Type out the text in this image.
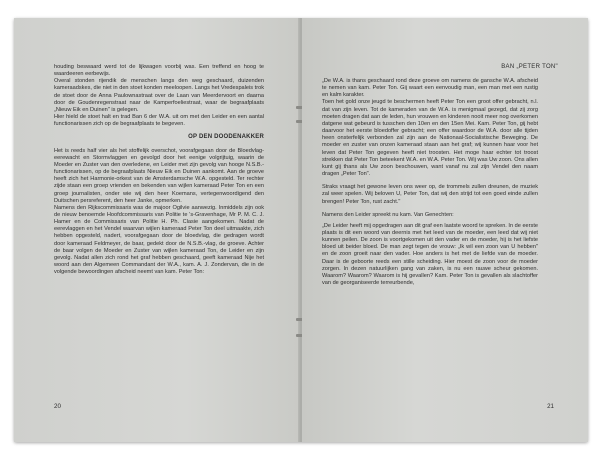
houding beswaard werd tot de lijkwagen voorbij was. Een treffend en hoog te waardeeren eerbewijs.

Overal stonden rijendik de menschen langs den weg geschaard, duizenden kameraadskes, die niet in den stoet konden meeloopen. Langs het Vredespaleis trok de stoet door de Anna Paulownastraat over de Laan van Meerdervoort en daarna door de Goudenregenstraat naar de Kamperfoeliestraat, waar de begraafplaats „Nieuw Eik en Duinen" is gelegen.

Hier hield de stoet halt en trad Ban 6 der W.A. uit om met den Leider en een aantal functionarissen zich op de begraafplaats te begeven.

OP DEN DOODENAKKER

Het is reeds half vier als het stoffelijk overschot, voorafgegaan door de Bloedvlag-eerewacht en Stormvlaggen en gevolgd door het eenige volgrijtuig, waarin de Moeder en Zuster van den overledene, en Leider met zijn gevolg van hooge N.S.B.-functionarissen, op de begraafplaats Nieuw Eik en Duinen aankomt. Aan de groeve heeft zich het Harmonie-orkest van de Amsterdamsche W.A. opgesteld. Ter rechter zijde staan een groep vrienden en bekenden van wijlen kameraad Peter Ton en een groep journalisten, onder wie wij den heer Koemans, vertegenwoordigend den Duitschen persreferent, den heer Janke, opmerken.

Namens den Rijkscommissaris was de majoor Ogilvie aanwezig. Inmiddels zijn ook de nieuw benoemde Hoofdcommissaris van Politie te 's-Gravenhage, Mr P. M. C. J. Hamer en de Commissaris van Politie H. Ph. Clasie aangekomen. Nadat de eerevlaggen en het Vendel waarvan wijlen kameraad Peter Ton deel uitmaakte, zich hebben opgesteld, nadert, voorafgegaan door de bloedvlag, die gedragen wordt door kameraad Feldmeyer, de baar, gedekt door de N.S.B.-vlag, de groeve. Achter de baar volgen de Moeder en Zuster van wijlen kameraad Ton, de Leider en zijn gevolg. Nadat allen zich rond het graf hebben geschaard, geeft kameraad Nije het woord aan den Algemeen Commandant der W.A., kam. A. J. Zondervan, die in de volgende bewoordingen afscheid neemt van kam. Peter Ton:

20
BAN „PETER TON"

„De W.A. is thans geschaard rond deze groeve om namens de gansche W.A. afscheid te nemen van kam. Peter Ton. Gij waart een eenvoudig man, een man met een rustig en kalm karakter.

Toen het gold onze jeugd te beschermen heeft Peter Ton een groot offer gebracht, n.l. dat van zijn leven. Tot de kameraden van de W.A. is menigmaal gezegd, dat zij zorg moeten dragen dat aan de leden, hun vrouwen en kinderen nooit meer nog overkomen datgene wat gebeurd is tusschen den 10en en den 15en Mei. Kam. Peter Ton, gij hebt daarvoor het eerste bloedoffer gebracht; een offer waardoor de W.A. door alle tijden heen onsterfelijk verbonden zal zijn aan de Nationaal-Socialistische Beweging. De moeder en zuster van onzen kameraad staan aan het graf; wij kunnen haar voor het leven dat Peter Ton gegeven heeft niet troosten. Het moge haar echter tot troost strekken dat Peter Ton beteekent W.A. en W.A. Peter Ton. Wij was Uw zoon. Ons allen kunt gij thans als Uw zoon beschouwen, want vanaf nu zal zijn Vendel den naam dragen „Peter Ton".

Straks vraagt het gewone leven ons weer op, de trommels zullen dreunen, de muziek zal weer spelen. Wij beloven U, Peter Ton, dat wij den strijd tot een goed einde zullen brengen! Peter Ton, rust zacht."

Namens den Leider spreekt nu kam. Van Genechten:

„De Leider heeft mij opgedragen aan dit graf een laatste woord te spreken. In de eerste plaats is dit een woord van deernis met het leed van de moeder, een leed dat wij niet kunnen peilen. De zoon is voortgekomen uit den vader en de moeder, hij is het liefste bloed uit beider bloed. De man zegt tegen de vrouw: „Ik wil een zoon van U hebben" en de zoon groeit naar den vader. Hoe anders is het met de liefde van de moeder. Daar is de geboorte reeds een stille scheiding. Hier moest de zoon voor de moeder zorgen. In dezen natuurlijken gang van zaken, is nu een rauwe scheur gekomen. Waarom? Waarom? Waarom is hij gevallen? Kam. Peter Ton is gevallen als slachtoffer van de georganiseerde terreurbende,

21
